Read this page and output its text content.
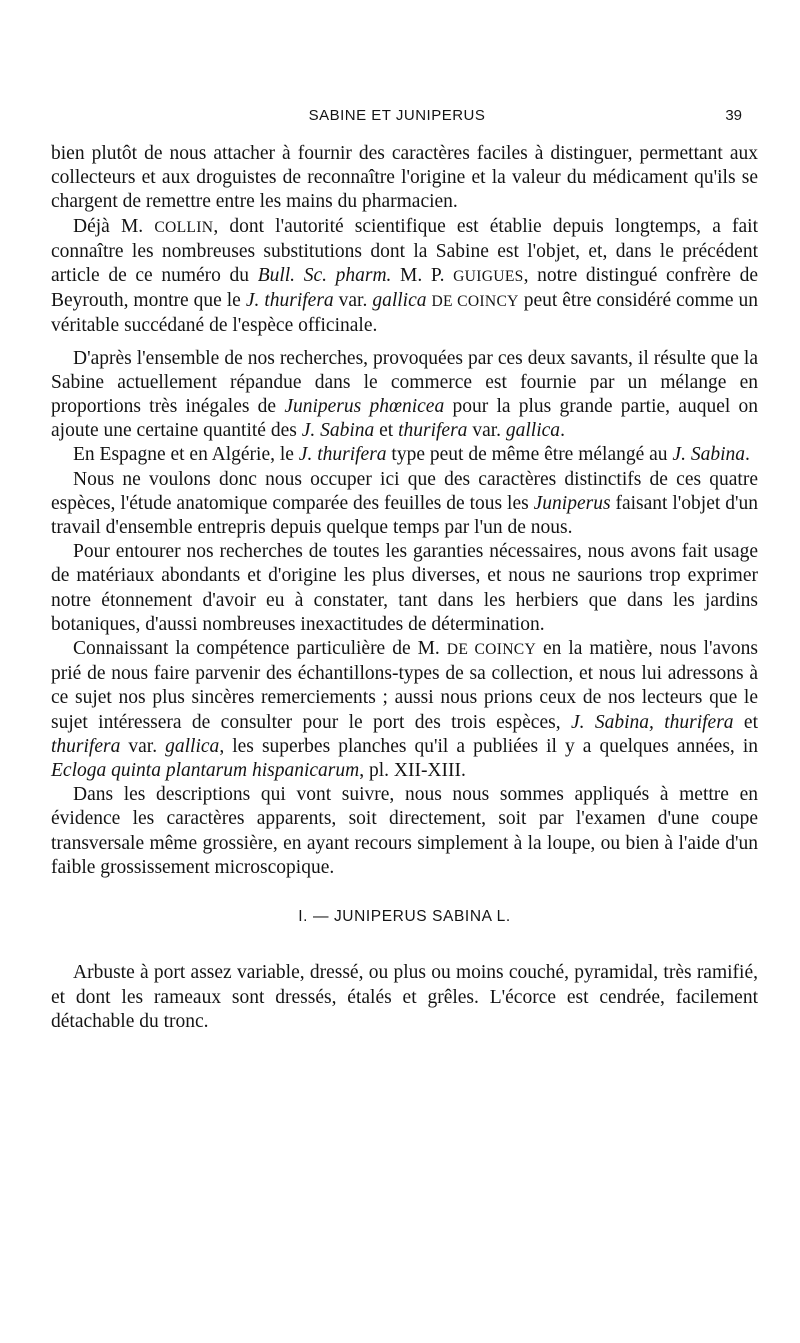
SABINE ET JUNIPERUS	39

bien plutôt de nous attacher à fournir des caractères faciles à distinguer, permettant aux collecteurs et aux droguistes de reconnaître l'origine et la valeur du médicament qu'ils se chargent de remettre entre les mains du pharmacien.

Déjà M. COLLIN, dont l'autorité scientifique est établie depuis longtemps, a fait connaître les nombreuses substitutions dont la Sabine est l'objet, et, dans le précédent article de ce numéro du Bull. Sc. pharm. M. P. GUIGUES, notre distingué confrère de Beyrouth, montre que le J. thurifera var. gallica DE COINCY peut être considéré comme un véritable succédané de l'espèce officinale.

D'après l'ensemble de nos recherches, provoquées par ces deux savants, il résulte que la Sabine actuellement répandue dans le commerce est fournie par un mélange en proportions très inégales de Juniperus phœnicea pour la plus grande partie, auquel on ajoute une certaine quantité des J. Sabina et thurifera var. gallica.

En Espagne et en Algérie, le J. thurifera type peut de même être mélangé au J. Sabina.

Nous ne voulons donc nous occuper ici que des caractères distinctifs de ces quatre espèces, l'étude anatomique comparée des feuilles de tous les Juniperus faisant l'objet d'un travail d'ensemble entrepris depuis quelque temps par l'un de nous.

Pour entourer nos recherches de toutes les garanties nécessaires, nous avons fait usage de matériaux abondants et d'origine les plus diverses, et nous ne saurions trop exprimer notre étonnement d'avoir eu à constater, tant dans les herbiers que dans les jardins botaniques, d'aussi nombreuses inexactitudes de détermination.

Connaissant la compétence particulière de M. DE COINCY en la matière, nous l'avons prié de nous faire parvenir des échantillons-types de sa collection, et nous lui adressons à ce sujet nos plus sincères remerciements ; aussi nous prions ceux de nos lecteurs que le sujet intéressera de consulter pour le port des trois espèces, J. Sabina, thurifera et thurifera var. gallica, les superbes planches qu'il a publiées il y a quelques années, in Ecloga quinta plantarum hispanicarum, pl. XII-XIII.

Dans les descriptions qui vont suivre, nous nous sommes appliqués à mettre en évidence les caractères apparents, soit directement, soit par l'examen d'une coupe transversale même grossière, en ayant recours simplement à la loupe, ou bien à l'aide d'un faible grossissement microscopique.

I. — JUNIPERUS SABINA L.

Arbuste à port assez variable, dressé, ou plus ou moins couché, pyramidal, très ramifié, et dont les rameaux sont dressés, étalés et grêles. L'écorce est cendrée, facilement détachable du tronc.
